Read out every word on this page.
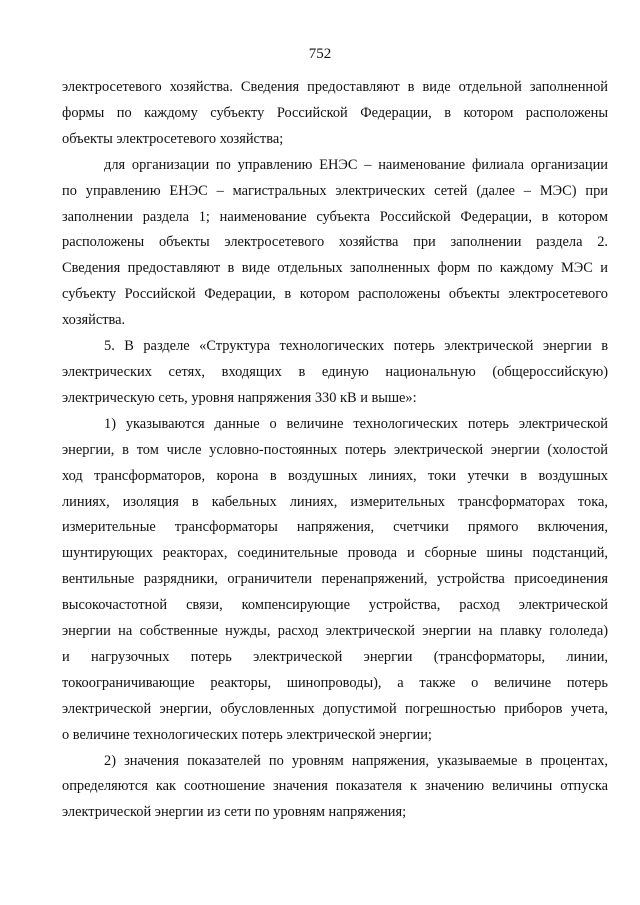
752

электросетевого хозяйства. Сведения предоставляют в виде отдельной заполненной
формы по каждому субъекту Российской Федерации, в котором расположены
объекты электросетевого хозяйства;

для организации по управлению ЕНЭС – наименование филиала организации
по управлению ЕНЭС – магистральных электрических сетей (далее – МЭС) при
заполнении раздела 1; наименование субъекта Российской Федерации, в котором
расположены объекты электросетевого хозяйства при заполнении раздела 2.
Сведения предоставляют в виде отдельных заполненных форм по каждому МЭС и
субъекту Российской Федерации, в котором расположены объекты электросетевого
хозяйства.

5. В разделе «Структура технологических потерь электрической энергии в
электрических сетях, входящих в единую национальную (общероссийскую)
электрическую сеть, уровня напряжения 330 кВ и выше»:

1) указываются данные о величине технологических потерь электрической
энергии, в том числе условно-постоянных потерь электрической энергии (холостой
ход трансформаторов, корона в воздушных линиях, токи утечки в воздушных
линиях, изоляция в кабельных линиях, измерительных трансформаторах тока,
измерительные трансформаторы напряжения, счетчики прямого включения,
шунтирующих реакторах, соединительные провода и сборные шины подстанций,
вентильные разрядники, ограничители перенапряжений, устройства присоединения
высокочастотной связи, компенсирующие устройства, расход электрической
энергии на собственные нужды, расход электрической энергии на плавку гололеда)
и нагрузочных потерь электрической энергии (трансформаторы, линии,
токоограничивающие реакторы, шинопроводы), а также о величине потерь
электрической энергии, обусловленных допустимой погрешностью приборов учета,
о величине технологических потерь электрической энергии;

2) значения показателей по уровням напряжения, указываемые в процентах,
определяются как соотношение значения показателя к значению величины отпуска
электрической энергии из сети по уровням напряжения;
